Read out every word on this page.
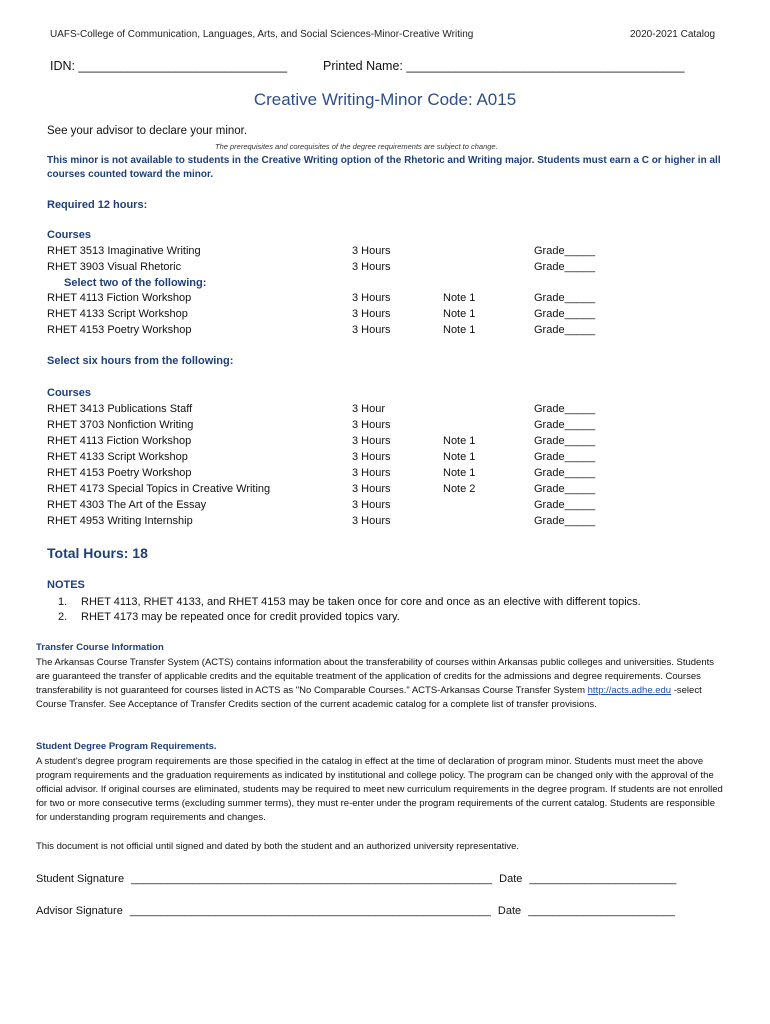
UAFS-College of Communication, Languages, Arts, and Social Sciences-Minor-Creative Writing	2020-2021 Catalog
IDN: ______________________________	Printed Name: ________________________________________
Creative Writing-Minor Code: A015
See your advisor to declare your minor.
The prerequisites and corequisites of the degree requirements are subject to change.
This minor is not available to students in the Creative Writing option of the Rhetoric and Writing major. Students must earn a C or higher in all
courses counted toward the minor.
Required 12 hours:
Courses
RHET 3513 Imaginative Writing	3 Hours	Grade_____
RHET 3903 Visual Rhetoric	3 Hours	Grade_____
Select two of the following:
RHET 4113 Fiction Workshop	3 Hours	Note 1	Grade_____
RHET 4133 Script Workshop	3 Hours	Note 1	Grade_____
RHET 4153 Poetry Workshop	3 Hours	Note 1	Grade_____
Select six hours from the following:
Courses
RHET 3413 Publications Staff	3 Hour	Grade_____
RHET 3703 Nonfiction Writing	3 Hours	Grade_____
RHET 4113 Fiction Workshop	3 Hours	Note 1	Grade_____
RHET 4133 Script Workshop	3 Hours	Note 1	Grade_____
RHET 4153 Poetry Workshop	3 Hours	Note 1	Grade_____
RHET 4173 Special Topics in Creative Writing	3 Hours	Note 2	Grade_____
RHET 4303 The Art of the Essay	3 Hours	Grade_____
RHET 4953 Writing Internship	3 Hours	Grade_____
Total Hours: 18
NOTES
1. RHET 4113, RHET 4133, and RHET 4153 may be taken once for core and once as an elective with different topics.
2. RHET 4173 may be repeated once for credit provided topics vary.
Transfer Course Information
The Arkansas Course Transfer System (ACTS) contains information about the transferability of courses within Arkansas public colleges and universities. Students are guaranteed the transfer of applicable credits and the equitable treatment of the application of credits for the admissions and degree requirements. Courses transferability is not guaranteed for courses listed in ACTS as "No Comparable Courses." ACTS-Arkansas Course Transfer System http://acts.adhe.edu -select Course Transfer. See Acceptance of Transfer Credits section of the current academic catalog for a complete list of transfer provisions.
Student Degree Program Requirements.
A student’s degree program requirements are those specified in the catalog in effect at the time of declaration of program minor. Students must meet the above program requirements and the graduation requirements as indicated by institutional and college policy. The program can be changed only with the approval of the official advisor. If original courses are eliminated, students may be required to meet new curriculum requirements in the degree program. If students are not enrolled for two or more consecutive terms (excluding summer terms), they must re-enter under the program requirements of the current catalog. Students are responsible for understanding program requirements and changes.
This document is not official until signed and dated by both the student and an authorized university representative.
Student Signature ___________________________________________________________ Date ________________________
Advisor Signature ___________________________________________________________ Date ________________________
